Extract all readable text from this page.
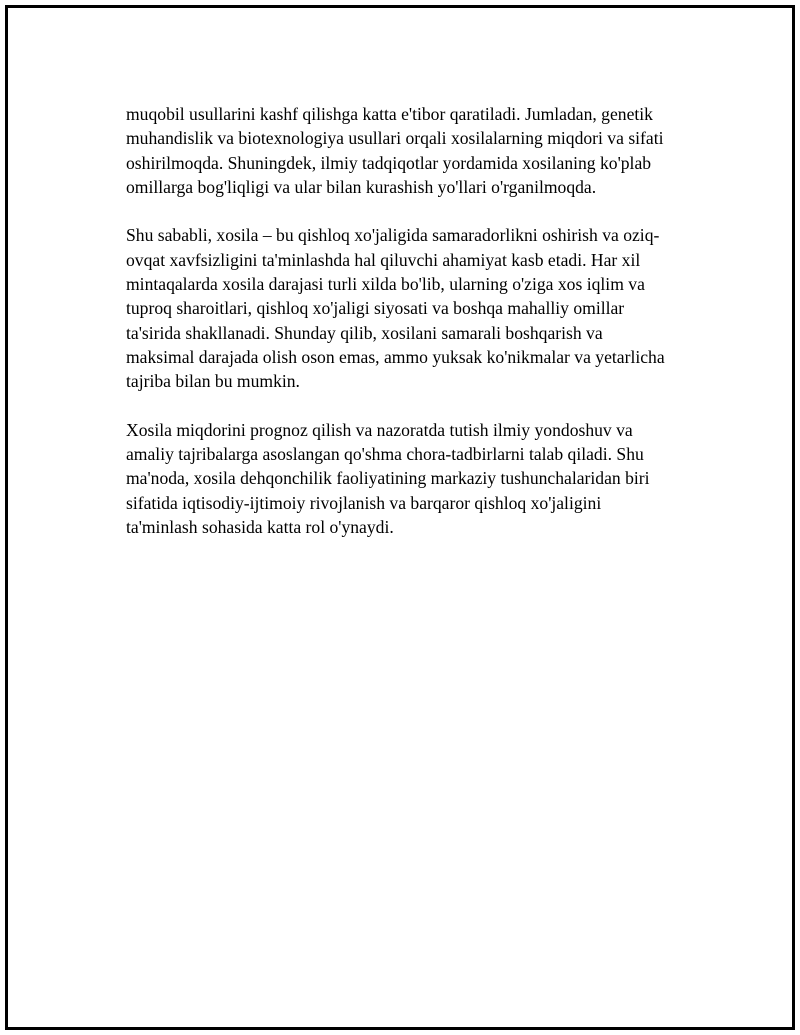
muqobil usullarini kashf qilishga katta e'tibor qaratiladi. Jumladan, genetik
muhandislik va biotexnologiya usullari orqali xosilalarning miqdori va sifati
oshirilmoqda. Shuningdek, ilmiy tadqiqotlar yordamida xosilaning ko'plab
omillarga bog'liqligi va ular bilan kurashish yo'llari o'rganilmoqda.

Shu sababli, xosila – bu qishloq xo'jaligida samaradorlikni oshirish va oziq-
ovqat xavfsizligini ta'minlashda hal qiluvchi ahamiyat kasb etadi. Har xil
mintaqalarda xosila darajasi turli xilda bo'lib, ularning o'ziga xos iqlim va
tuproq sharoitlari, qishloq xo'jaligi siyosati va boshqa mahalliy omillar
ta'sirida shakllanadi. Shunday qilib, xosilani samarali boshqarish va
maksimal darajada olish oson emas, ammo yuksak ko'nikmalar va yetarlicha
tajriba bilan bu mumkin.

Xosila miqdorini prognoz qilish va nazoratda tutish ilmiy yondoshuv va
amaliy tajribalarga asoslangan qo'shma chora-tadbirlarni talab qiladi. Shu
ma'noda, xosila dehqonchilik faoliyatining markaziy tushunchalaridan biri
sifatida iqtisodiy-ijtimoiy rivojlanish va barqaror qishloq xo'jaligini
ta'minlash sohasida katta rol o'ynaydi.
